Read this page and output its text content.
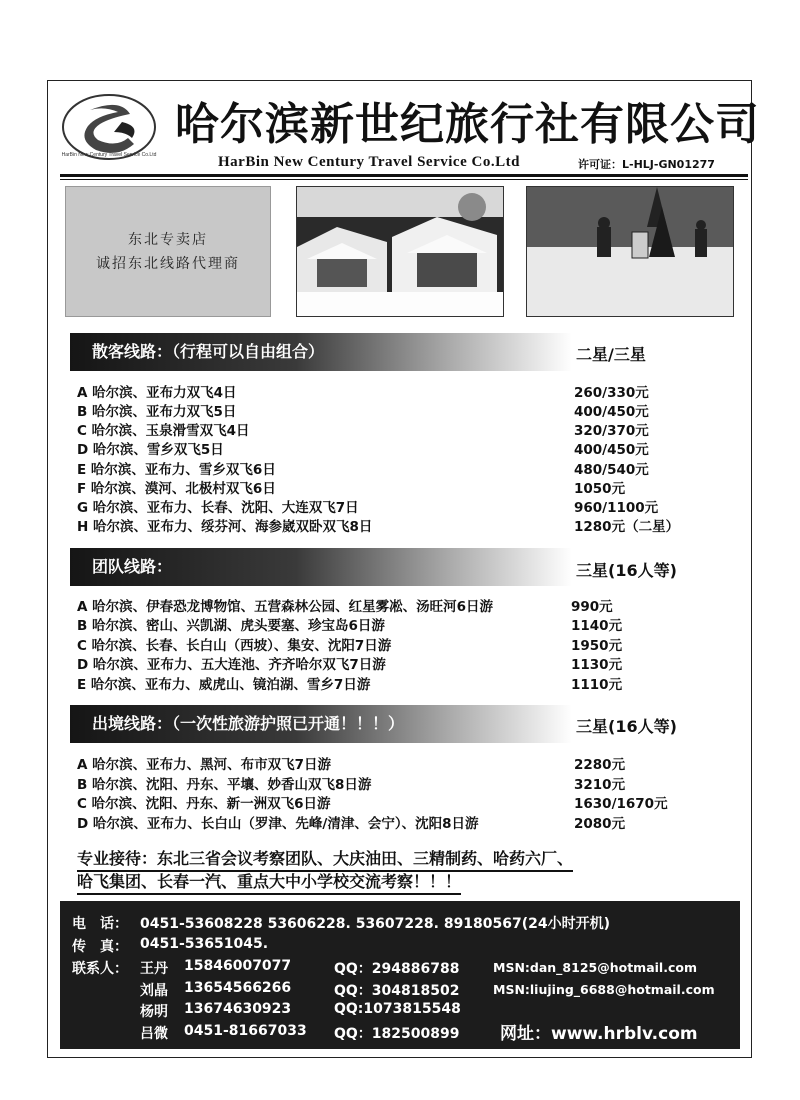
HarBin New Century Travel Service Co.Ltd
哈尔滨新世纪旅行社有限公司
HarBin New Century Travel Service Co.Ltd	许可证：L-HLJ-GN01277
东北专卖店
诚招东北线路代理商
散客线路：（行程可以自由组合）	二星/三星
A 哈尔滨、亚布力双飞4日	260/330元
B 哈尔滨、亚布力双飞5日	400/450元
C 哈尔滨、玉泉滑雪双飞4日	320/370元
D 哈尔滨、雪乡双飞5日	400/450元
E 哈尔滨、亚布力、雪乡双飞6日	480/540元
F 哈尔滨、漠河、北极村双飞6日	1050元
G 哈尔滨、亚布力、长春、沈阳、大连双飞7日	960/1100元
H 哈尔滨、亚布力、绥芬河、海参崴双卧双飞8日	1280元（二星）
团队线路：	三星(16人等)
A 哈尔滨、伊春恐龙博物馆、五营森林公园、红星雾凇、汤旺河6日游	990元
B 哈尔滨、密山、兴凯湖、虎头要塞、珍宝岛6日游	1140元
C 哈尔滨、长春、长白山（西坡）、集安、沈阳7日游	1950元
D 哈尔滨、亚布力、五大连池、齐齐哈尔双飞7日游	1130元
E 哈尔滨、亚布力、威虎山、镜泊湖、雪乡7日游	1110元
出境线路：（一次性旅游护照已开通！！！）	三星(16人等)
A 哈尔滨、亚布力、黑河、布市双飞7日游	2280元
B 哈尔滨、沈阳、丹东、平壤、妙香山双飞8日游	3210元
C 哈尔滨、沈阳、丹东、新一洲双飞6日游	1630/1670元
D 哈尔滨、亚布力、长白山（罗津、先峰/清津、会宁）、沈阳8日游	2080元
专业接待：东北三省会议考察团队、大庆油田、三精制药、哈药六厂、
哈飞集团、长春一汽、重点大中小学校交流考察！！！
电　话： 0451-53608228 53606228. 53607228. 89180567(24小时开机)
传　真： 0451-53651045.
联系人： 王丹 15846007077	QQ：294886788	MSN:dan_8125@hotmail.com
刘晶 13654566266	QQ：304818502	MSN:liujing_6688@hotmail.com
杨明 13674630923	QQ:1073815548
吕微 0451-81667033 QQ：182500899 网址：www.hrblv.com
